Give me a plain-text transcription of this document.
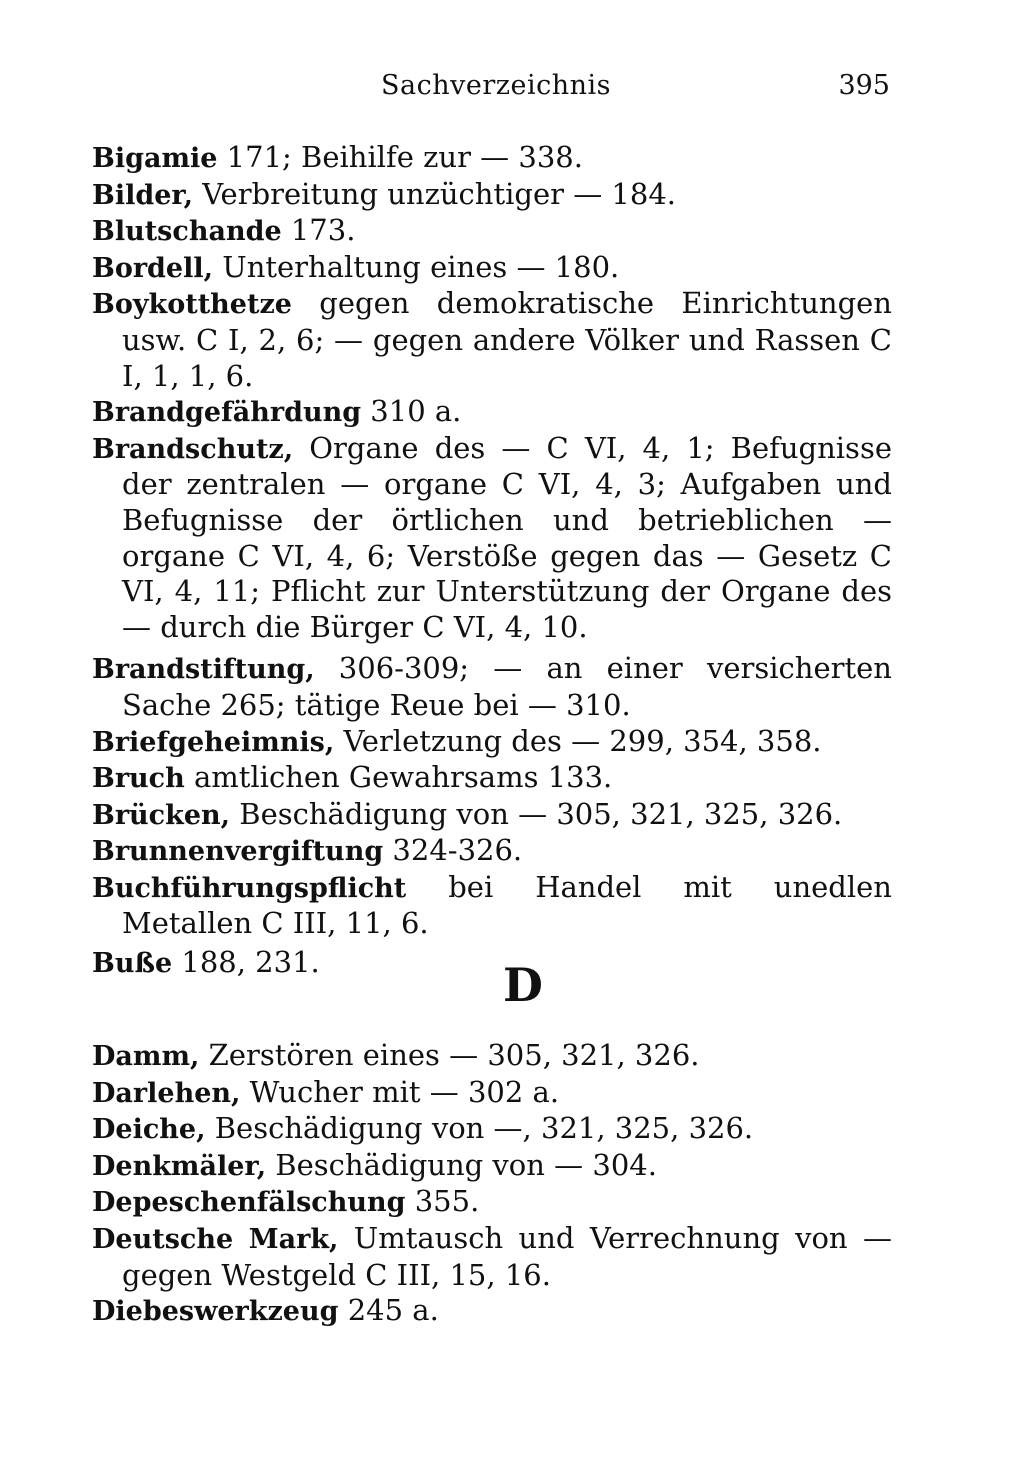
Sachverzeichnis	395
Bigamie 171; Beihilfe zur — 338.
Bilder, Verbreitung unzüchtiger — 184.
Blutschande 173.
Bordell, Unterhaltung eines — 180.
Boykotthetze gegen demokratische Einrichtungen usw. C I, 2, 6; — gegen andere Völker und Rassen C I, 1, 1, 6.
Brandgefährdung 310 a.
Brandschutz, Organe des — C VI, 4, 1; Befugnisse der zentralen — organe C VI, 4, 3; Aufgaben und Befugnisse der örtlichen und betrieblichen — organe C VI, 4, 6; Verstöße gegen das — Gesetz C VI, 4, 11; Pflicht zur Unterstützung der Organe des — durch die Bürger C VI, 4, 10.
Brandstiftung, 306-309; — an einer versicherten Sache 265; tätige Reue bei — 310.
Briefgeheimnis, Verletzung des — 299, 354, 358.
Bruch amtlichen Gewahrsams 133.
Brücken, Beschädigung von — 305, 321, 325, 326.
Brunnenvergiftung 324-326.
Buchführungspflicht bei Handel mit unedlen Metallen C III, 11, 6.
Buße 188, 231.	D
Damm, Zerstören eines — 305, 321, 326.
Darlehen, Wucher mit — 302 a.
Deiche, Beschädigung von —, 321, 325, 326.
Denkmäler, Beschädigung von — 304.
Depeschenfälschung 355.
Deutsche Mark, Umtausch und Verrechnung von — gegen Westgeld C III, 15, 16.
Diebeswerkzeug 245 a.
